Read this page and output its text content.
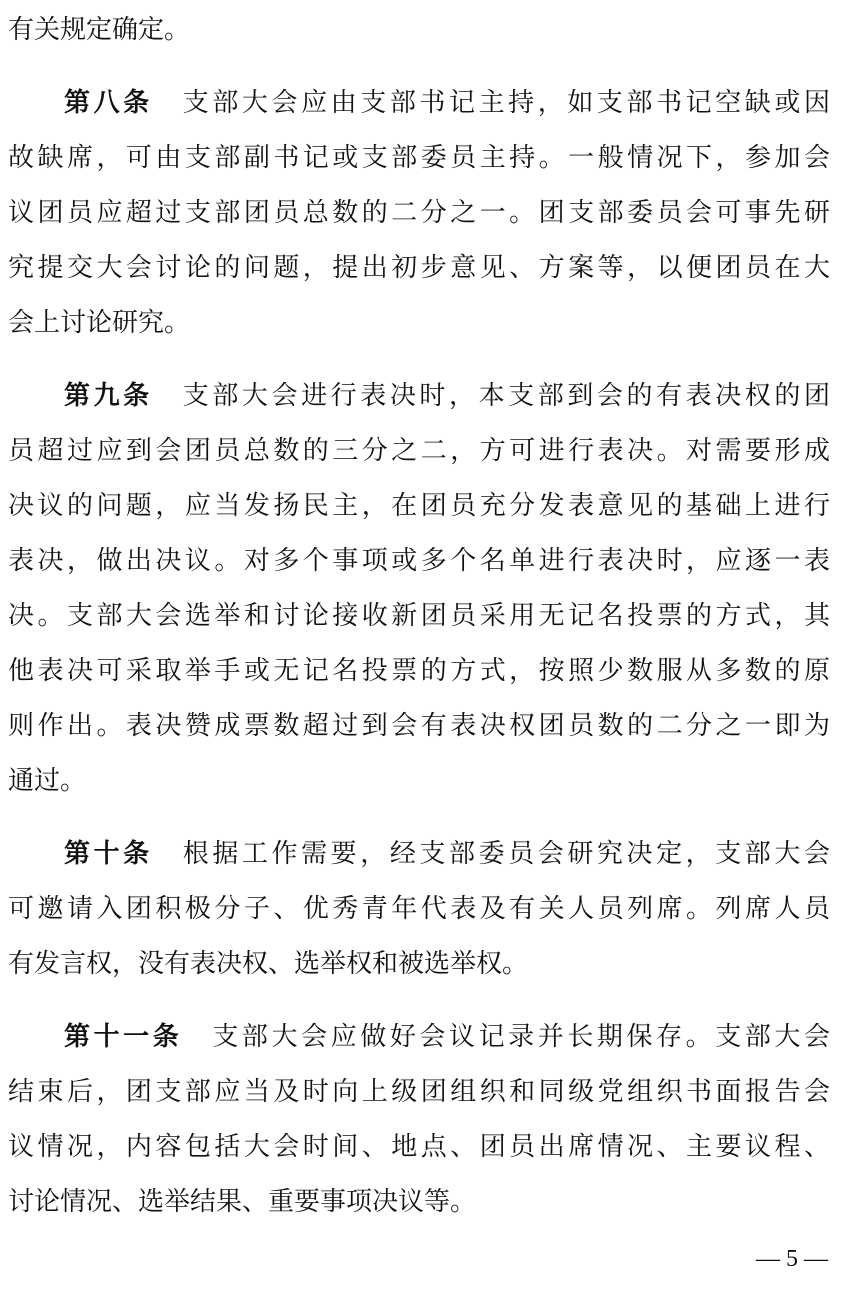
有关规定确定。
第八条 支部大会应由支部书记主持，如支部书记空缺或因
故缺席，可由支部副书记或支部委员主持。一般情况下，参加会
议团员应超过支部团员总数的二分之一。团支部委员会可事先研
究提交大会讨论的问题，提出初步意见、方案等，以便团员在大
会上讨论研究。
第九条 支部大会进行表决时，本支部到会的有表决权的团
员超过应到会团员总数的三分之二，方可进行表决。对需要形成
决议的问题，应当发扬民主，在团员充分发表意见的基础上进行
表决，做出决议。对多个事项或多个名单进行表决时，应逐一表
决。支部大会选举和讨论接收新团员采用无记名投票的方式，其
他表决可采取举手或无记名投票的方式，按照少数服从多数的原
则作出。表决赞成票数超过到会有表决权团员数的二分之一即为
通过。
第十条 根据工作需要，经支部委员会研究决定，支部大会
可邀请入团积极分子、优秀青年代表及有关人员列席。列席人员
有发言权，没有表决权、选举权和被选举权。
第十一条 支部大会应做好会议记录并长期保存。支部大会
结束后，团支部应当及时向上级团组织和同级党组织书面报告会
议情况，内容包括大会时间、地点、团员出席情况、主要议程、
讨论情况、选举结果、重要事项决议等。
— 5 —
